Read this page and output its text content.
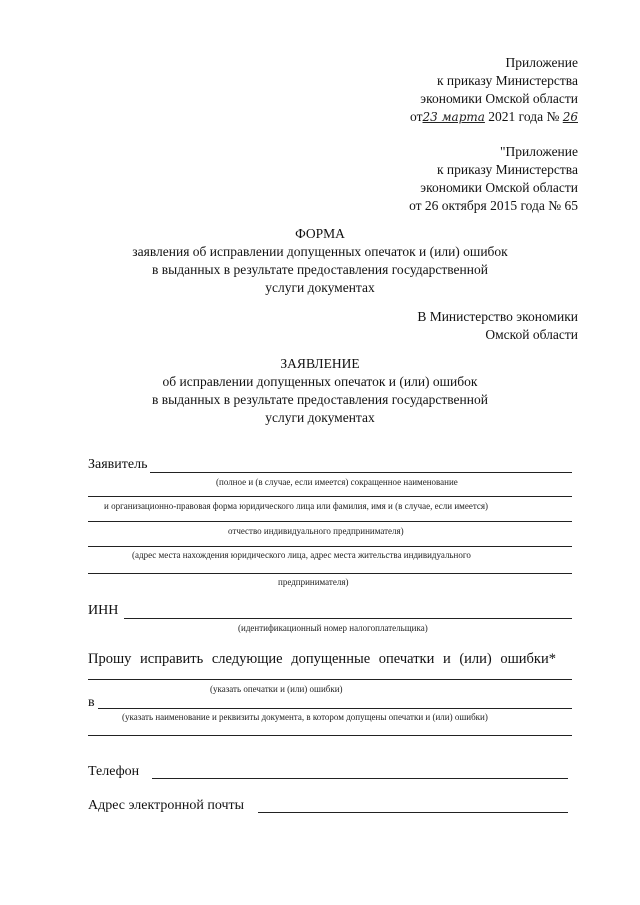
Приложение
к приказу Министерства
экономики Омской области
от23 марта 2021 года № 26
"Приложение
к приказу Министерства
экономики Омской области
от 26 октября 2015 года № 65
ФОРМА
заявления об исправлении допущенных опечаток и (или) ошибок
в выданных в результате предоставления государственной
услуги документах
В Министерство экономики
Омской области
ЗАЯВЛЕНИЕ
об исправлении допущенных опечаток и (или) ошибок
в выданных в результате предоставления государственной
услуги документах
Заявитель
(полное и (в случае, если имеется) сокращенное наименование
и организационно-правовая форма юридического лица или фамилия, имя и (в случае, если имеется)
отчество индивидуального предпринимателя)
(адрес места нахождения юридического лица, адрес места жительства индивидуального
предпринимателя)
ИНН
(идентификационный номер налогоплательщика)
Прошу исправить следующие допущенные опечатки и (или) ошибки*
(указать опечатки и (или) ошибки)
в
(указать наименование и реквизиты документа, в котором допущены опечатки и (или) ошибки)
Телефон
Адрес электронной почты
